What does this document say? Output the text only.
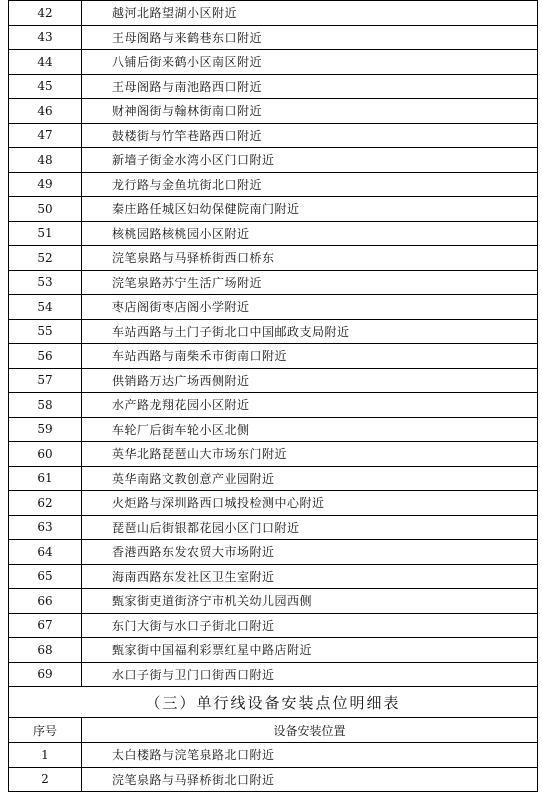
42	越河北路望湖小区附近
43	王母阁路与来鹤巷东口附近
44	八铺后街来鹤小区南区附近
45	王母阁路与南池路西口附近
46	财神阁街与翰林街南口附近
47	鼓楼街与竹竿巷路西口附近
48	新墙子街金水湾小区门口附近
49	龙行路与金鱼坑街北口附近
50	秦庄路任城区妇幼保健院南门附近
51	核桃园路核桃园小区附近
52	浣笔泉路与马驿桥街西口桥东
53	浣笔泉路苏宁生活广场附近
54	枣店阁街枣店阁小学附近
55	车站西路与土门子街北口中国邮政支局附近
56	车站西路与南柴禾市街南口附近
57	供销路万达广场西侧附近
58	水产路龙翔花园小区附近
59	车轮厂后街车轮小区北侧
60	英华北路琵琶山大市场东门附近
61	英华南路文教创意产业园附近
62	火炬路与深圳路西口城投检测中心附近
63	琵琶山后街银都花园小区门口附近
64	香港西路东发农贸大市场附近
65	海南西路东发社区卫生室附近
66	甄家街吏道街济宁市机关幼儿园西侧
67	东门大街与水口子街北口附近
68	甄家街中国福利彩票红星中路店附近
69	水口子街与卫门口街西口附近
（三）单行线设备安装点位明细表	
序号	设备安装位置
1	太白楼路与浣笔泉路北口附近
2	浣笔泉路与马驿桥街北口附近
